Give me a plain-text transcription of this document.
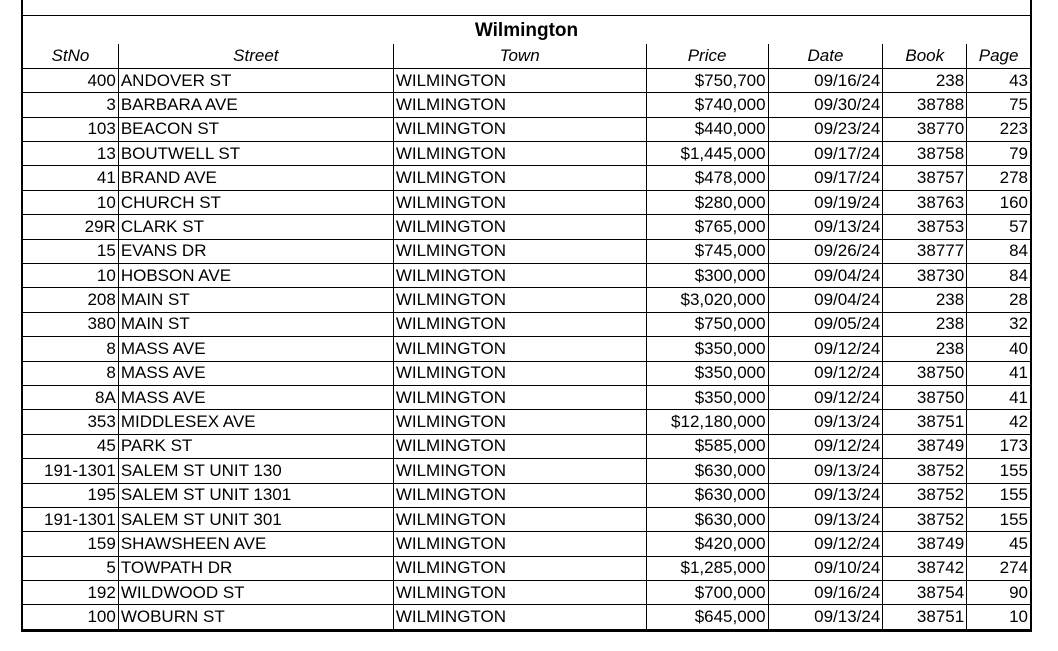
Wilmington
StNo	Street	Town	Price	Date	Book	Page
400	ANDOVER ST	WILMINGTON	$750,700	09/16/24	238	43
3	BARBARA AVE	WILMINGTON	$740,000	09/30/24	38788	75
103	BEACON ST	WILMINGTON	$440,000	09/23/24	38770	223
13	BOUTWELL ST	WILMINGTON	$1,445,000	09/17/24	38758	79
41	BRAND AVE	WILMINGTON	$478,000	09/17/24	38757	278
10	CHURCH ST	WILMINGTON	$280,000	09/19/24	38763	160
29R	CLARK ST	WILMINGTON	$765,000	09/13/24	38753	57
15	EVANS DR	WILMINGTON	$745,000	09/26/24	38777	84
10	HOBSON AVE	WILMINGTON	$300,000	09/04/24	38730	84
208	MAIN ST	WILMINGTON	$3,020,000	09/04/24	238	28
380	MAIN ST	WILMINGTON	$750,000	09/05/24	238	32
8	MASS AVE	WILMINGTON	$350,000	09/12/24	238	40
8	MASS AVE	WILMINGTON	$350,000	09/12/24	38750	41
8A	MASS AVE	WILMINGTON	$350,000	09/12/24	38750	41
353	MIDDLESEX AVE	WILMINGTON	$12,180,000	09/13/24	38751	42
45	PARK ST	WILMINGTON	$585,000	09/12/24	38749	173
191-1301	SALEM ST UNIT 130	WILMINGTON	$630,000	09/13/24	38752	155
195	SALEM ST UNIT 1301	WILMINGTON	$630,000	09/13/24	38752	155
191-1301	SALEM ST UNIT 301	WILMINGTON	$630,000	09/13/24	38752	155
159	SHAWSHEEN AVE	WILMINGTON	$420,000	09/12/24	38749	45
5	TOWPATH DR	WILMINGTON	$1,285,000	09/10/24	38742	274
192	WILDWOOD ST	WILMINGTON	$700,000	09/16/24	38754	90
100	WOBURN ST	WILMINGTON	$645,000	09/13/24	38751	10
